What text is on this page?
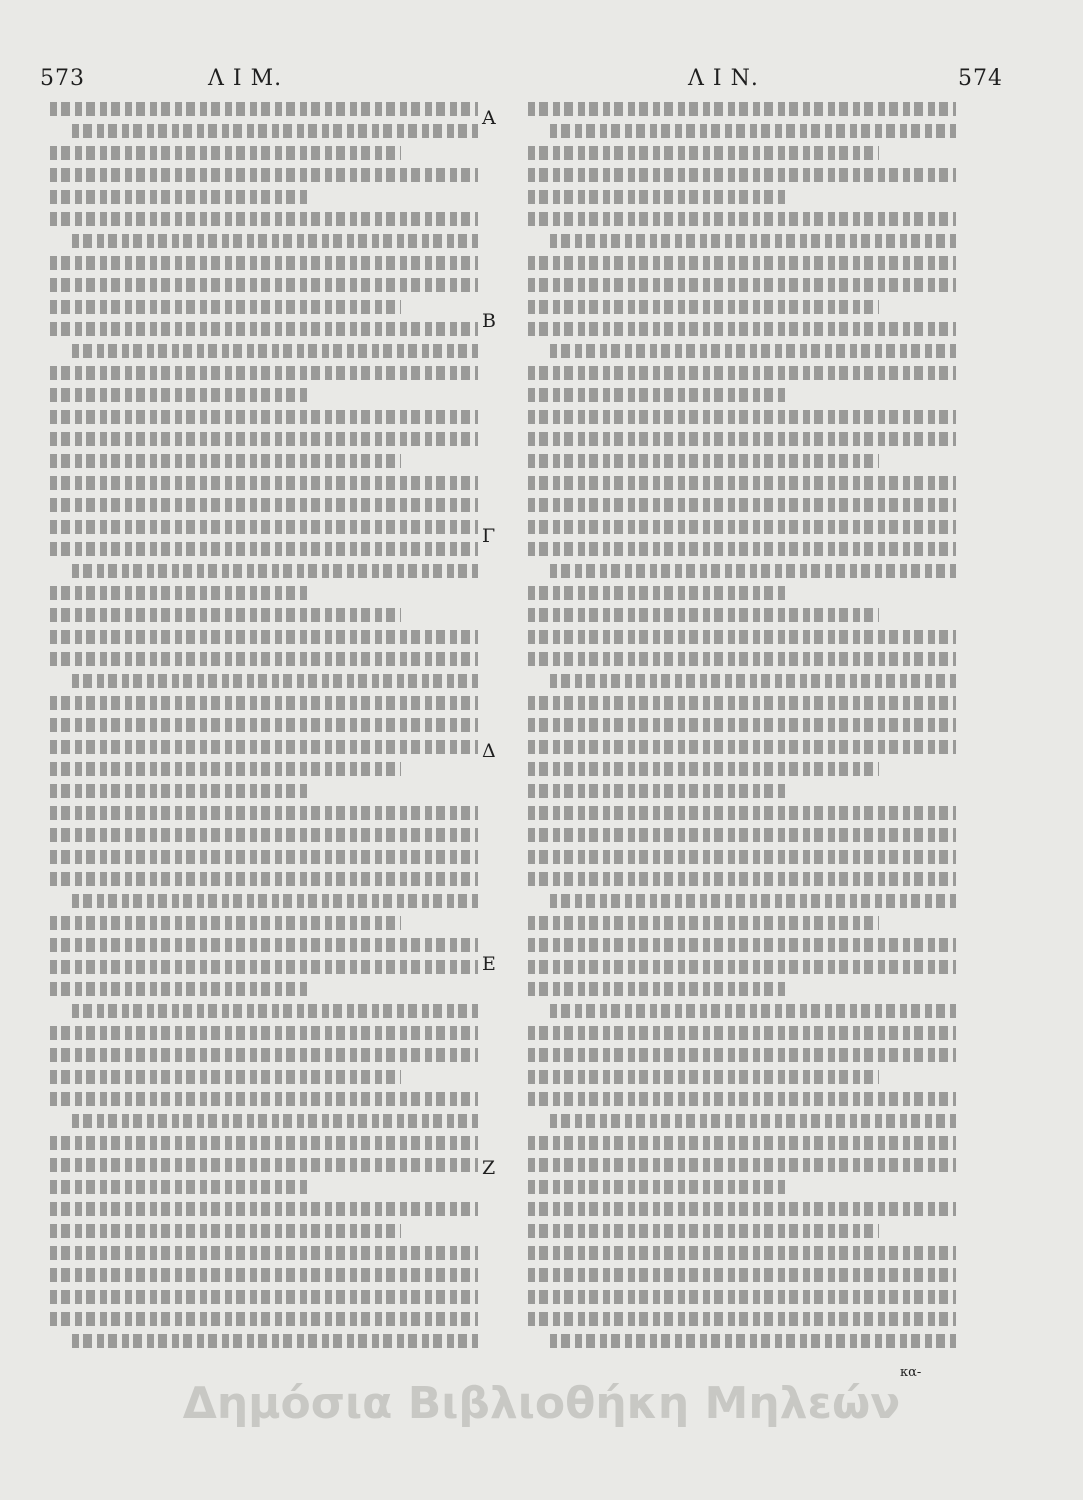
573	Λ Ι Μ.	Λ Ι Ν.	574
Α
Β
Γ
Δ
Ε
Ζ
κα-
Δημόσια Βιβλιοθήκη Μηλεών
